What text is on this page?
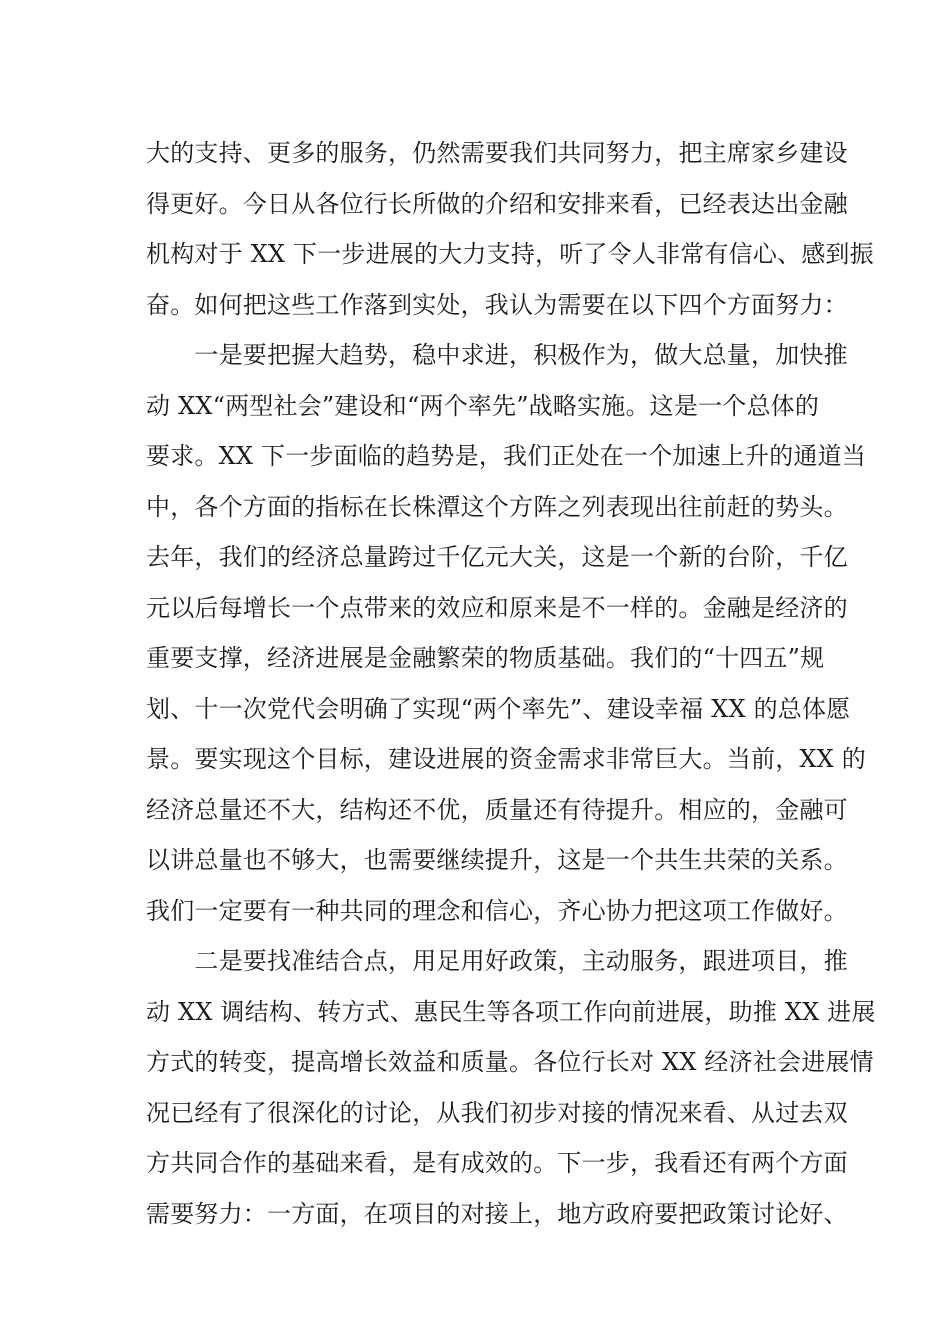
大的支持、更多的服务，仍然需要我们共同努力，把主席家乡建设
得更好。今日从各位行长所做的介绍和安排来看，已经表达出金融
机构对于 XX 下一步进展的大力支持，听了令人非常有信心、感到振
奋。如何把这些工作落到实处，我认为需要在以下四个方面努力：
　　一是要把握大趋势，稳中求进，积极作为，做大总量，加快推
动 XX“两型社会”建设和“两个率先”战略实施。这是一个总体的
要求。XX 下一步面临的趋势是，我们正处在一个加速上升的通道当
中，各个方面的指标在长株潭这个方阵之列表现出往前赶的势头。
去年，我们的经济总量跨过千亿元大关，这是一个新的台阶，千亿
元以后每增长一个点带来的效应和原来是不一样的。金融是经济的
重要支撑，经济进展是金融繁荣的物质基础。我们的“十四五”规
划、十一次党代会明确了实现“两个率先”、建设幸福 XX 的总体愿
景。要实现这个目标，建设进展的资金需求非常巨大。当前，XX 的
经济总量还不大，结构还不优，质量还有待提升。相应的，金融可
以讲总量也不够大，也需要继续提升，这是一个共生共荣的关系。
我们一定要有一种共同的理念和信心，齐心协力把这项工作做好。
　　二是要找准结合点，用足用好政策，主动服务，跟进项目，推
动 XX 调结构、转方式、惠民生等各项工作向前进展，助推 XX 进展
方式的转变，提高增长效益和质量。各位行长对 XX 经济社会进展情
况已经有了很深化的讨论，从我们初步对接的情况来看、从过去双
方共同合作的基础来看，是有成效的。下一步，我看还有两个方面
需要努力：一方面，在项目的对接上，地方政府要把政策讨论好、
